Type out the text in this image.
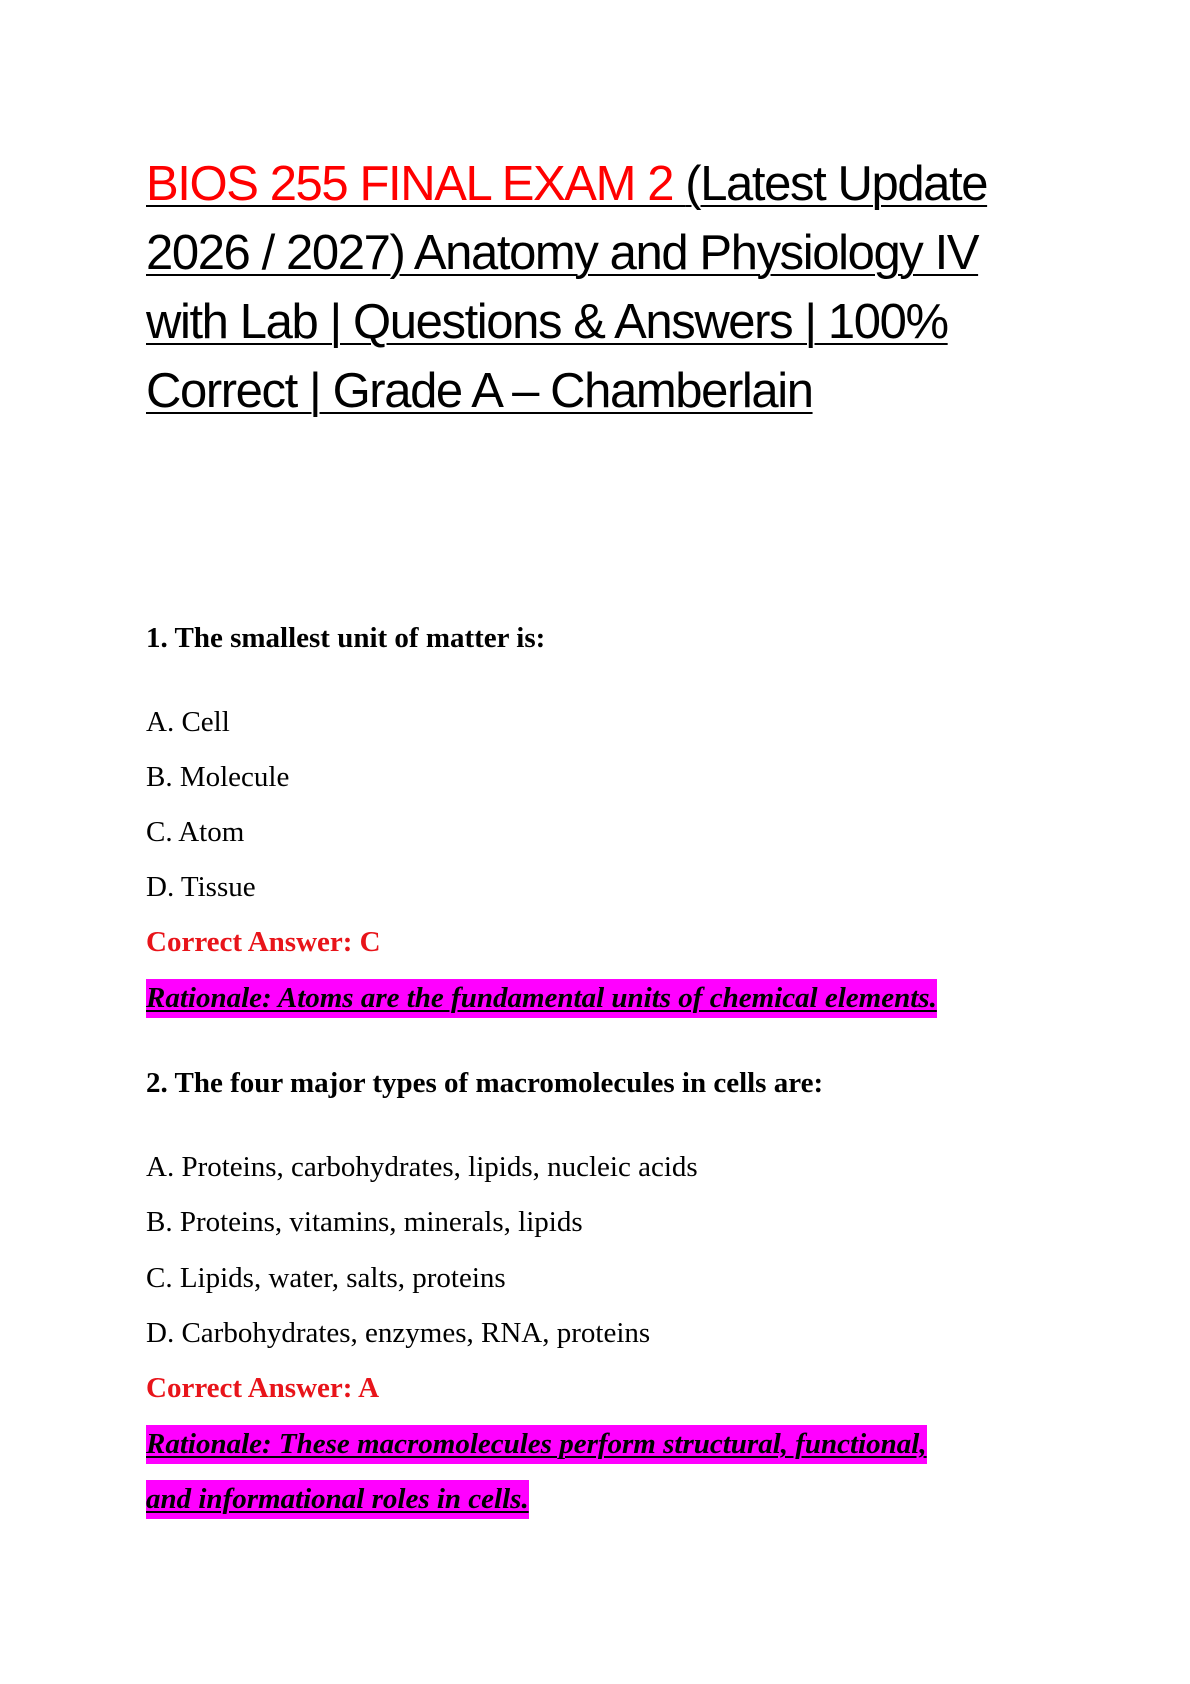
BIOS 255 FINAL EXAM 2 (Latest Update 2026 / 2027) Anatomy and Physiology IV with Lab | Questions & Answers | 100% Correct | Grade A – Chamberlain
1. The smallest unit of matter is:
A. Cell
B. Molecule
C. Atom
D. Tissue
Correct Answer: C
Rationale: Atoms are the fundamental units of chemical elements.
2. The four major types of macromolecules in cells are:
A. Proteins, carbohydrates, lipids, nucleic acids
B. Proteins, vitamins, minerals, lipids
C. Lipids, water, salts, proteins
D. Carbohydrates, enzymes, RNA, proteins
Correct Answer: A
Rationale: These macromolecules perform structural, functional,
and informational roles in cells.
